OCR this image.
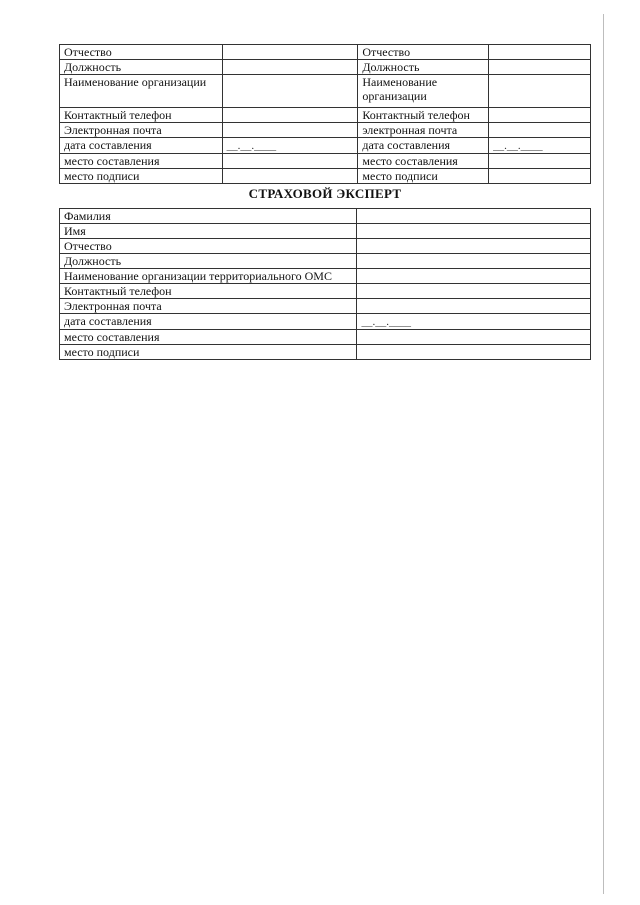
Отчество		Отчество	
Должность		Должность	
Наименование организации		Наименование организации	
Контактный телефон		Контактный телефон	
Электронная почта		электронная почта	
дата составления	__.__.____	дата составления	__.__.____
место составления		место составления	
место подписи		место подписи	
СТРАХОВОЙ ЭКСПЕРТ
Фамилия	
Имя	
Отчество	
Должность	
Наименование организации территориального ОМС	
Контактный телефон	
Электронная почта	
дата составления	__.__.____
место составления	
место подписи	
